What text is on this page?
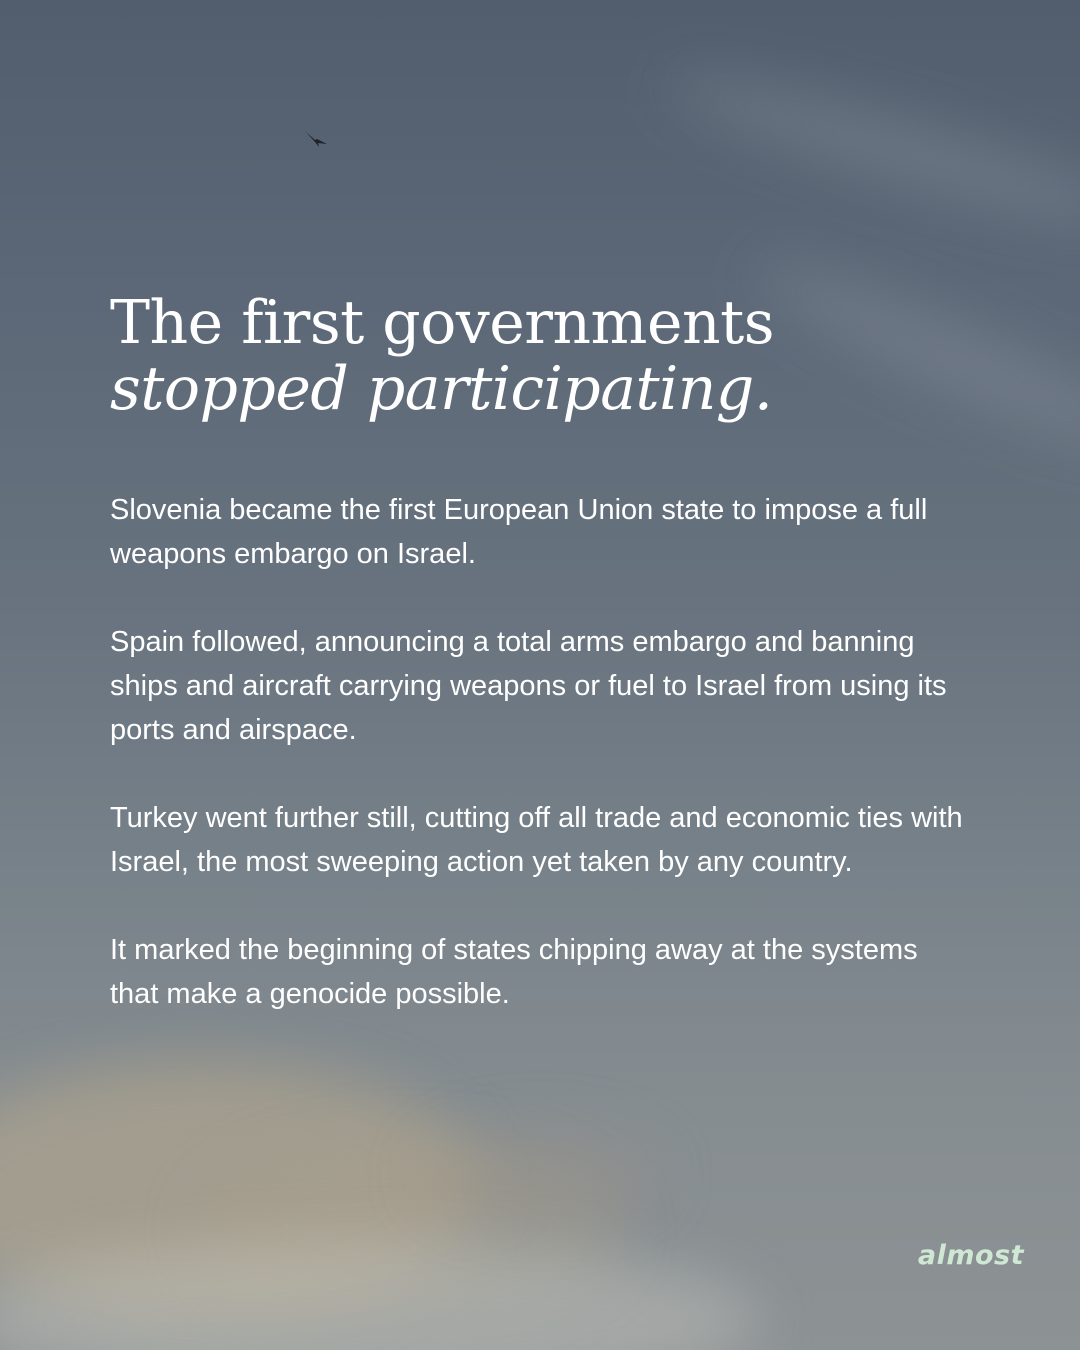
The first governments
stopped participating.

Slovenia became the first European Union state to impose a full weapons embargo on Israel.

Spain followed, announcing a total arms embargo and banning ships and aircraft carrying weapons or fuel to Israel from using its ports and airspace.

Turkey went further still, cutting off all trade and economic ties with Israel, the most sweeping action yet taken by any country.

It marked the beginning of states chipping away at the systems that make a genocide possible.

almost
